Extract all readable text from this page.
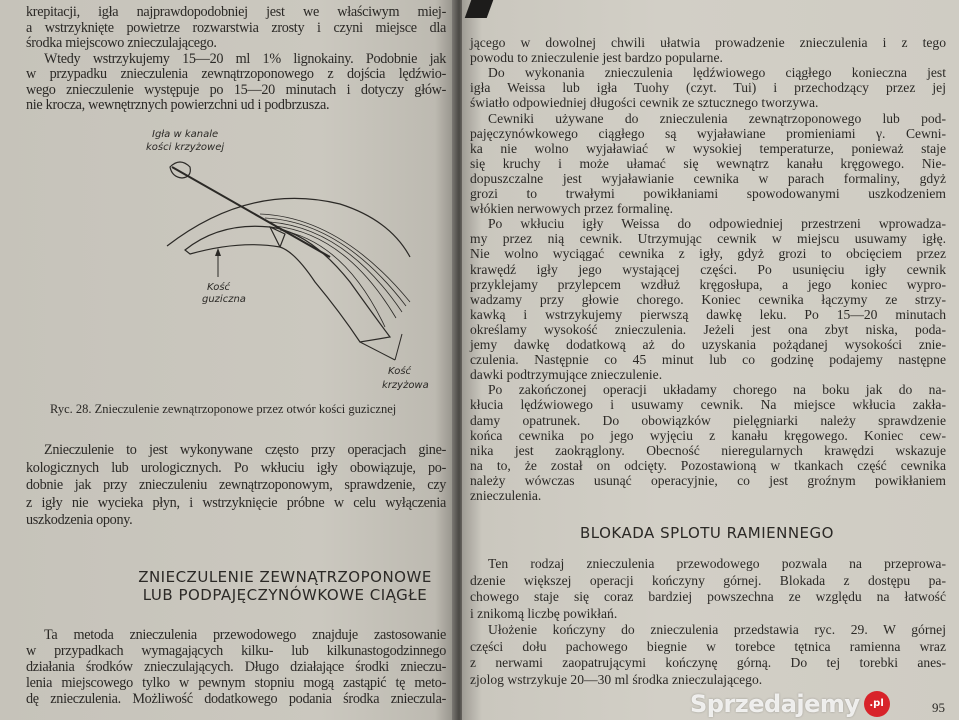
krepitacji, igła najprawdopodobniej jest we właściwym miej-
a wstrzyknięte powietrze rozwarstwia zrosty i czyni miejsce dla
środka miejscowo znieczulającego.
Wtedy wstrzykujemy 15—20 ml 1% lignokainy. Podobnie jak
w przypadku znieczulenia zewnątrzoponowego z dojścia lędźwio-
wego znieczulenie występuje po 15—20 minutach i dotyczy głów-
nie krocza, wewnętrznych powierzchni ud i podbrzusza.
Igła w kanale
kości krzyżowej
Kość
guziczna
Kość
krzyżowa
Ryc. 28. Znieczulenie zewnątrzoponowe przez otwór kości guzicznej
Znieczulenie to jest wykonywane często przy operacjach gine-
kologicznych lub urologicznych. Po wkłuciu igły obowiązuje, po-
dobnie jak przy znieczuleniu zewnątrzoponowym, sprawdzenie, czy
z igły nie wycieka płyn, i wstrzyknięcie próbne w celu wyłączenia
uszkodzenia opony.
ZNIECZULENIE ZEWNĄTRZOPONOWE
LUB PODPAJĘCZYNÓWKOWE CIĄGŁE
Ta metoda znieczulenia przewodowego znajduje zastosowanie
w przypadkach wymagających kilku- lub kilkunastogodzinnego
działania środków znieczulających. Długo działające środki znieczu-
lenia miejscowego tylko w pewnym stopniu mogą zastąpić tę meto-
dę znieczulenia. Możliwość dodatkowego podania środka znieczula-
jącego w dowolnej chwili ułatwia prowadzenie znieczulenia i z tego
powodu to znieczulenie jest bardzo popularne.
Do wykonania znieczulenia lędźwiowego ciągłego konieczna jest
igła Weissa lub igła Tuohy (czyt. Tui) i przechodzący przez jej
światło odpowiedniej długości cewnik ze sztucznego tworzywa.
Cewniki używane do znieczulenia zewnątrzoponowego lub pod-
pajęczynówkowego ciągłego są wyjaławiane promieniami γ. Cewni-
ka nie wolno wyjaławiać w wysokiej temperaturze, ponieważ staje
się kruchy i może ułamać się wewnątrz kanału kręgowego. Nie-
dopuszczalne jest wyjaławianie cewnika w parach formaliny, gdyż
grozi to trwałymi powikłaniami spowodowanymi uszkodzeniem
włókien nerwowych przez formalinę.
Po wkłuciu igły Weissa do odpowiedniej przestrzeni wprowadza-
my przez nią cewnik. Utrzymując cewnik w miejscu usuwamy igłę.
Nie wolno wyciągać cewnika z igły, gdyż grozi to obcięciem przez
krawędź igły jego wystającej części. Po usunięciu igły cewnik
przyklejamy przylepcem wzdłuż kręgosłupa, a jego koniec wypro-
wadzamy przy głowie chorego. Koniec cewnika łączymy ze strzy-
kawką i wstrzykujemy pierwszą dawkę leku. Po 15—20 minutach
określamy wysokość znieczulenia. Jeżeli jest ona zbyt niska, poda-
jemy dawkę dodatkową aż do uzyskania pożądanej wysokości znie-
czulenia. Następnie co 45 minut lub co godzinę podajemy następne
dawki podtrzymujące znieczulenie.
Po zakończonej operacji układamy chorego na boku jak do na-
kłucia lędźwiowego i usuwamy cewnik. Na miejsce wkłucia zakła-
damy opatrunek. Do obowiązków pielęgniarki należy sprawdzenie
końca cewnika po jego wyjęciu z kanału kręgowego. Koniec cew-
nika jest zaokrąglony. Obecność nieregularnych krawędzi wskazuje
na to, że został on odcięty. Pozostawioną w tkankach część cewnika
należy wówczas usunąć operacyjnie, co jest groźnym powikłaniem
znieczulenia.
BLOKADA SPLOTU RAMIENNEGO
Ten rodzaj znieczulenia przewodowego pozwala na przeprowa-
dzenie większej operacji kończyny górnej. Blokada z dostępu pa-
chowego staje się coraz bardziej powszechna ze względu na łatwość
i znikomą liczbę powikłań.
Ułożenie kończyny do znieczulenia przedstawia ryc. 29. W górnej
części dołu pachowego biegnie w torebce tętnica ramienna wraz
z nerwami zaopatrującymi kończynę górną. Do tej torebki anes-
zjolog wstrzykuje 20—30 ml środka znieczulającego.
95
Sprzedajemy .pl
